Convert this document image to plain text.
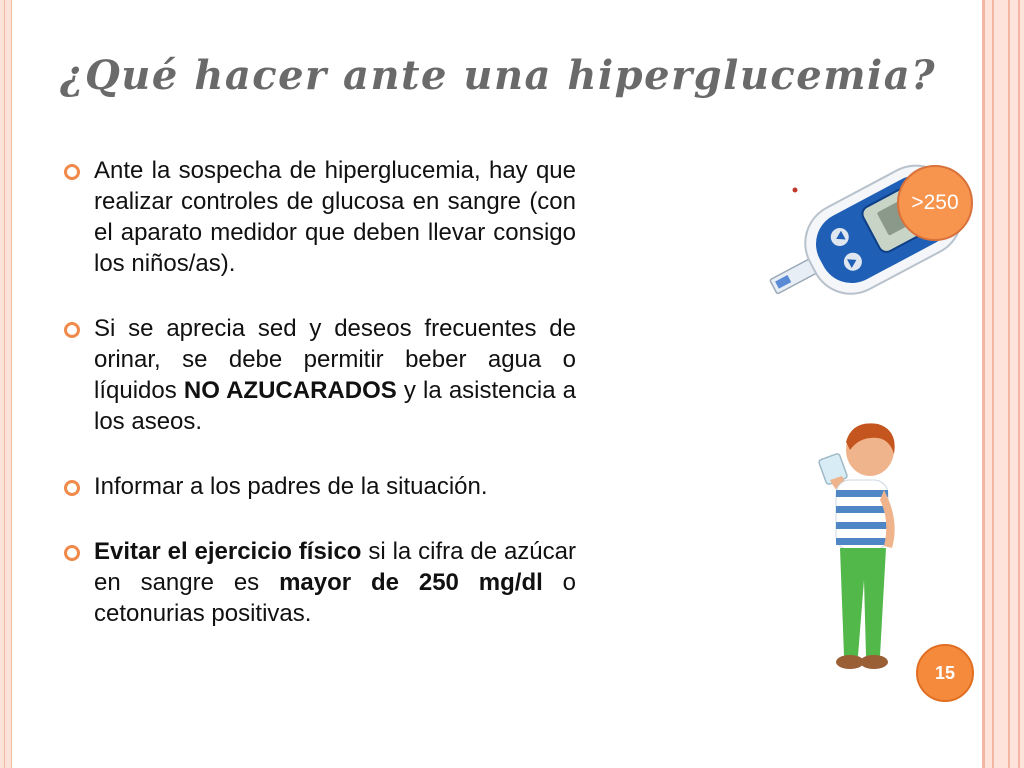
¿Qué hacer ante una hiperglucemia?
Ante la sospecha de hiperglucemia, hay que realizar controles de glucosa en sangre (con el aparato medidor que deben llevar consigo los niños/as).
Si se aprecia sed y deseos frecuentes de orinar, se debe permitir beber agua o líquidos NO AZUCARADOS y la asistencia a los aseos.
Informar a los padres de la situación.
Evitar el ejercicio físico si la cifra de azúcar en sangre es mayor de 250 mg/dl o cetonurias positivas.
>250
15
